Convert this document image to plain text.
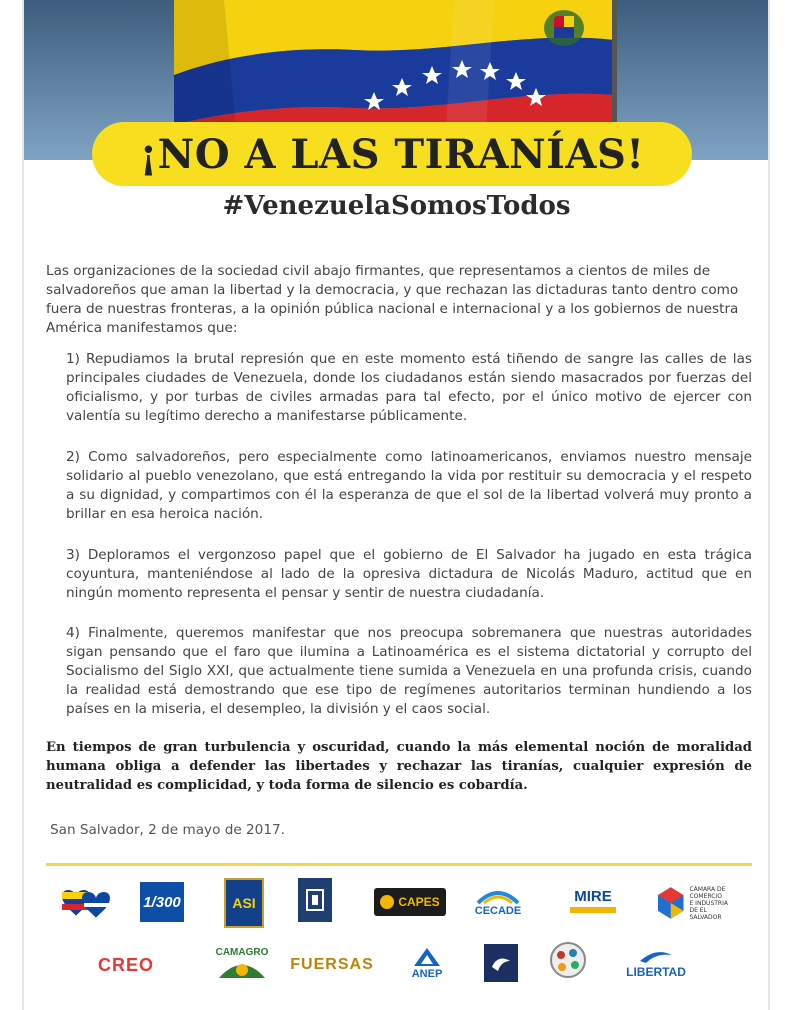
¡NO A LAS TIRANÍAS!
#VenezuelaSomosTodos
Las organizaciones de la sociedad civil abajo firmantes, que representamos a cientos de miles de salvadoreños que aman la libertad y la democracia, y que rechazan las dictaduras tanto dentro como fuera de nuestras fronteras, a la opinión pública nacional e internacional y a los gobiernos de nuestra América manifestamos que:
1) Repudiamos la brutal represión que en este momento está tiñendo de sangre las calles de las principales ciudades de Venezuela, donde los ciudadanos están siendo masacrados por fuerzas del oficialismo, y por turbas de civiles armadas para tal efecto, por el único motivo de ejercer con valentía su legítimo derecho a manifestarse públicamente.
2) Como salvadoreños, pero especialmente como latinoamericanos, enviamos nuestro mensaje solidario al pueblo venezolano, que está entregando la vida por restituir su democracia y el respeto a su dignidad, y compartimos con él la esperanza de que el sol de la libertad volverá muy pronto a brillar en esa heroica nación.
3) Deploramos el vergonzoso papel que el gobierno de El Salvador ha jugado en esta trágica coyuntura, manteniéndose al lado de la opresiva dictadura de Nicolás Maduro, actitud que en ningún momento representa el pensar y sentir de nuestra ciudadanía.
4) Finalmente, queremos manifestar que nos preocupa sobremanera que nuestras autoridades sigan pensando que el faro que ilumina a Latinoamérica es el sistema dictatorial y corrupto del Socialismo del Siglo XXI, que actualmente tiene sumida a Venezuela en una profunda crisis, cuando la realidad está demostrando que ese tipo de regímenes autoritarios terminan hundiendo a los países en la miseria, el desempleo, la división y el caos social.
En tiempos de gran turbulencia y oscuridad, cuando la más elemental noción de moralidad humana obliga a defender las libertades y rechazar las tiranías, cualquier expresión de neutralidad es complicidad, y toda forma de silencio es cobardía.
San Salvador, 2 de mayo de 2017.
1/300	ASI	CAPES
CECADE
MIRE	CÁMARA DE
COMERCIO
E INDUSTRIA
DE EL SALVADOR
CREO
CAMAGRO
FUERSAS
ANEP	LIBERTAD
